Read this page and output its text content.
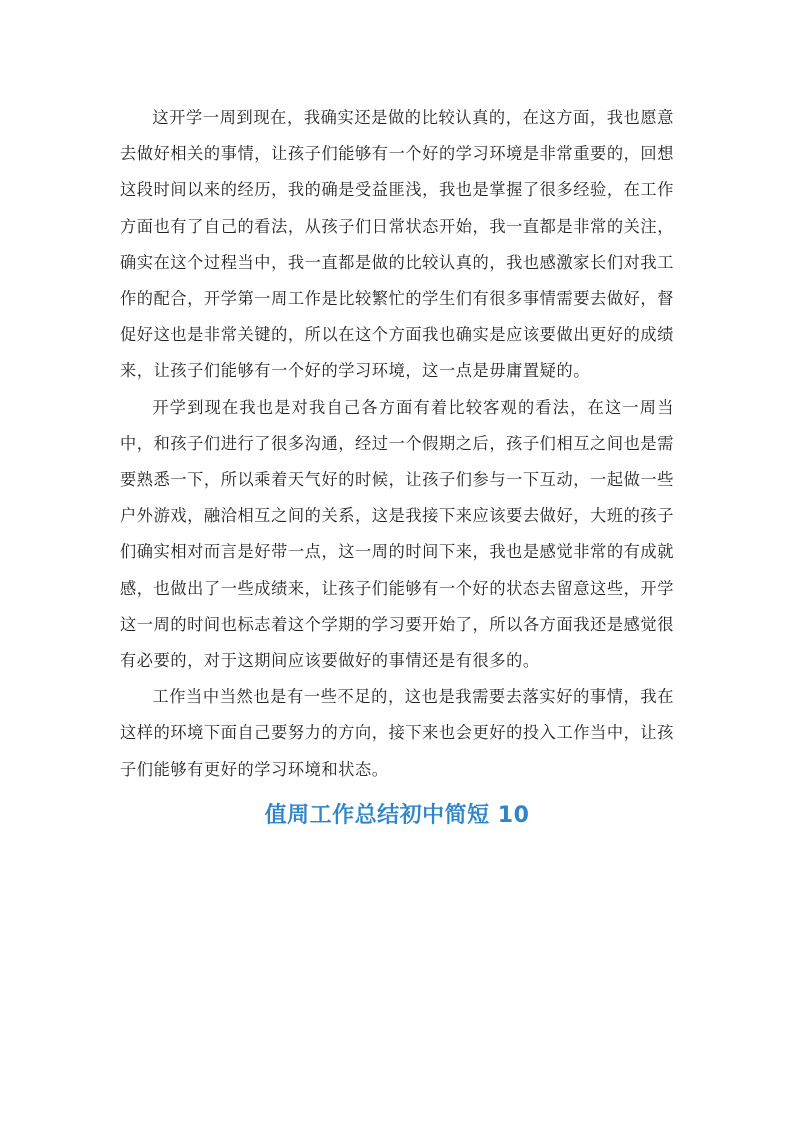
这开学一周到现在，我确实还是做的比较认真的，在这方面，我也愿意去做好相关的事情，让孩子们能够有一个好的学习环境是非常重要的，回想这段时间以来的经历，我的确是受益匪浅，我也是掌握了很多经验，在工作方面也有了自己的看法，从孩子们日常状态开始，我一直都是非常的关注，确实在这个过程当中，我一直都是做的比较认真的，我也感激家长们对我工作的配合，开学第一周工作是比较繁忙的学生们有很多事情需要去做好，督促好这也是非常关键的，所以在这个方面我也确实是应该要做出更好的成绩来，让孩子们能够有一个好的学习环境，这一点是毋庸置疑的。

开学到现在我也是对我自己各方面有着比较客观的看法，在这一周当中，和孩子们进行了很多沟通，经过一个假期之后，孩子们相互之间也是需要熟悉一下，所以乘着天气好的时候，让孩子们参与一下互动，一起做一些户外游戏，融洽相互之间的关系，这是我接下来应该要去做好，大班的孩子们确实相对而言是好带一点，这一周的时间下来，我也是感觉非常的有成就感，也做出了一些成绩来，让孩子们能够有一个好的状态去留意这些，开学这一周的时间也标志着这个学期的学习要开始了，所以各方面我还是感觉很有必要的，对于这期间应该要做好的事情还是有很多的。

工作当中当然也是有一些不足的，这也是我需要去落实好的事情，我在这样的环境下面自己要努力的方向，接下来也会更好的投入工作当中，让孩子们能够有更好的学习环境和状态。

值周工作总结初中简短 10
